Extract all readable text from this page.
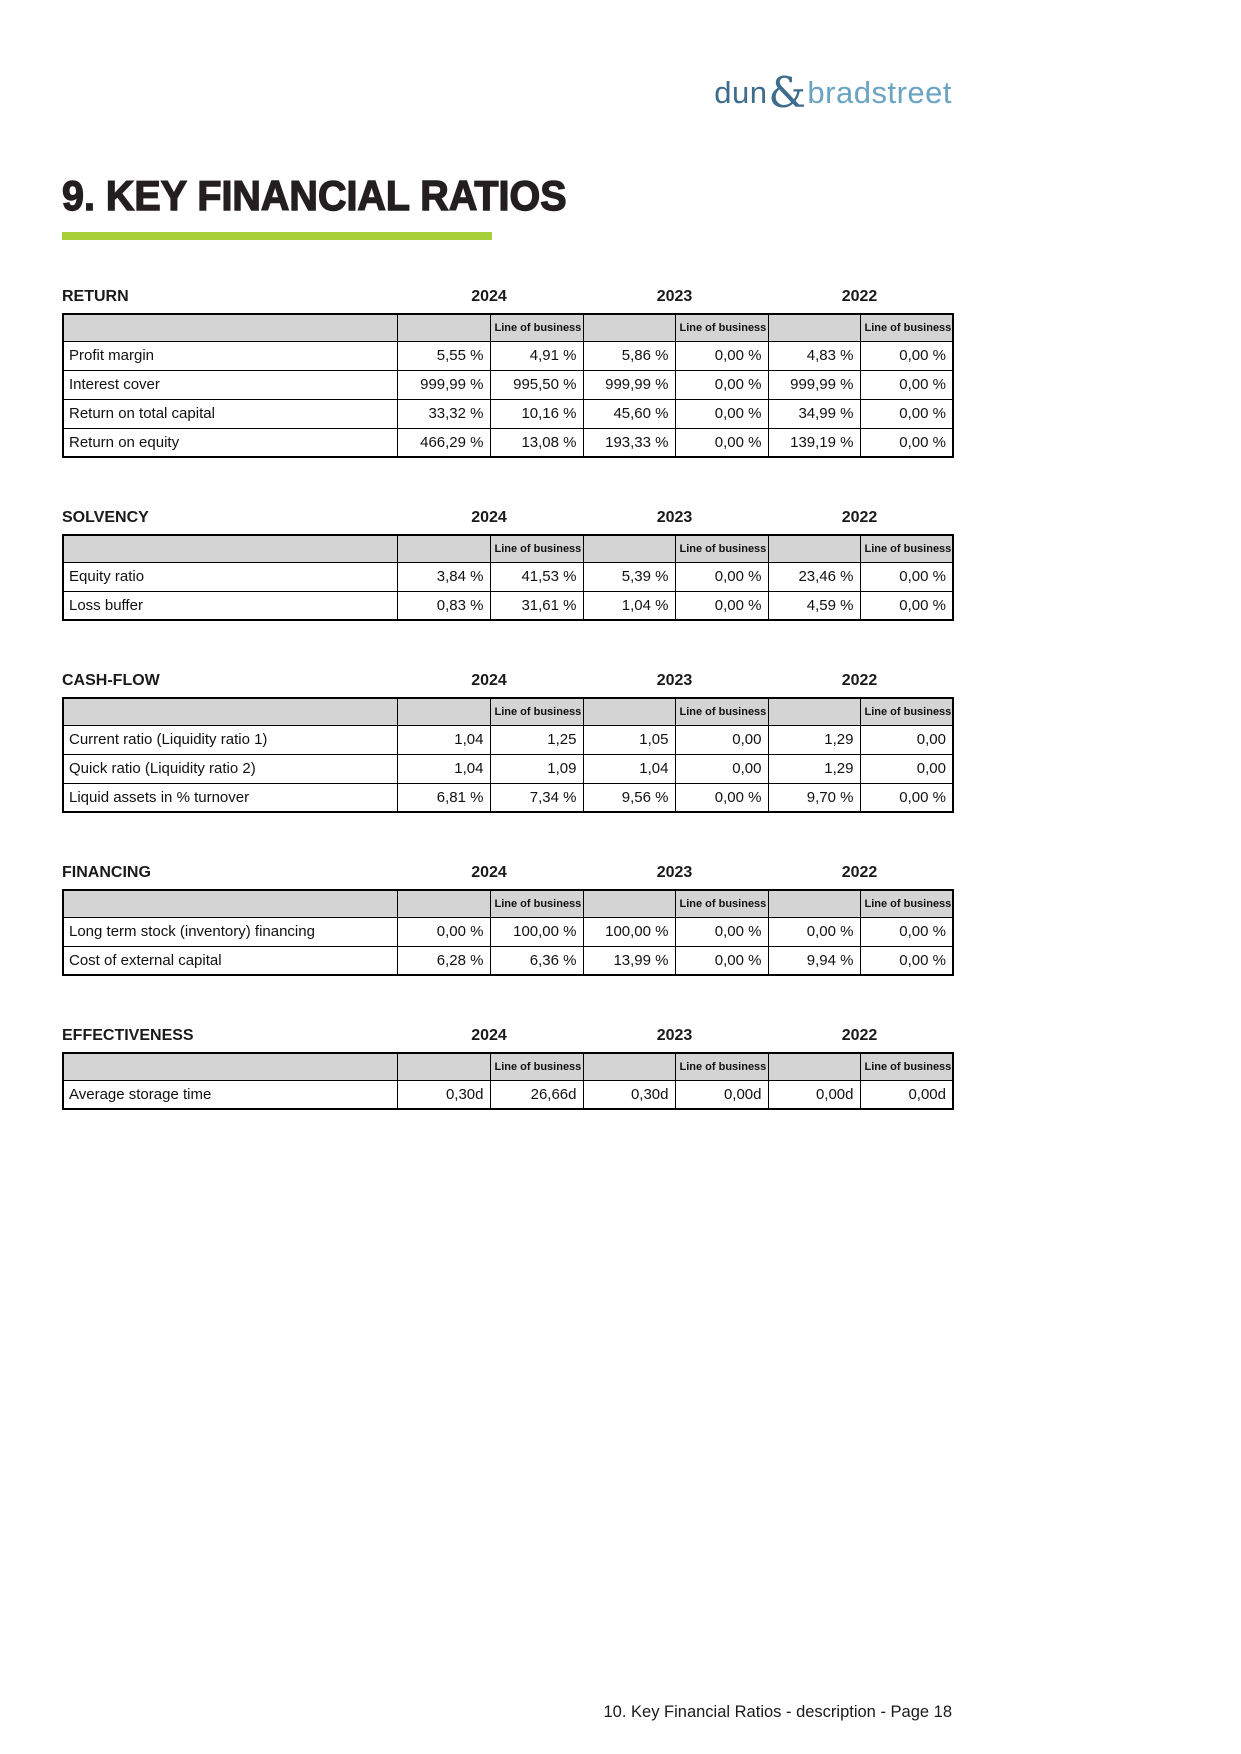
dun&bradstreet
9. KEY FINANCIAL RATIOS
RETURN	2024	2023	2022
		Line of business		Line of business		Line of business
Profit margin	5,55 %	4,91 %	5,86 %	0,00 %	4,83 %	0,00 %
Interest cover	999,99 %	995,50 %	999,99 %	0,00 %	999,99 %	0,00 %
Return on total capital	33,32 %	10,16 %	45,60 %	0,00 %	34,99 %	0,00 %
Return on equity	466,29 %	13,08 %	193,33 %	0,00 %	139,19 %	0,00 %
SOLVENCY	2024	2023	2022
		Line of business		Line of business		Line of business
Equity ratio	3,84 %	41,53 %	5,39 %	0,00 %	23,46 %	0,00 %
Loss buffer	0,83 %	31,61 %	1,04 %	0,00 %	4,59 %	0,00 %
CASH-FLOW	2024	2023	2022
		Line of business		Line of business		Line of business
Current ratio (Liquidity ratio 1)	1,04	1,25	1,05	0,00	1,29	0,00
Quick ratio (Liquidity ratio 2)	1,04	1,09	1,04	0,00	1,29	0,00
Liquid assets in % turnover	6,81 %	7,34 %	9,56 %	0,00 %	9,70 %	0,00 %
FINANCING	2024	2023	2022
		Line of business		Line of business		Line of business
Long term stock (inventory) financing	0,00 %	100,00 %	100,00 %	0,00 %	0,00 %	0,00 %
Cost of external capital	6,28 %	6,36 %	13,99 %	0,00 %	9,94 %	0,00 %
EFFECTIVENESS	2024	2023	2022
		Line of business		Line of business		Line of business
Average storage time	0,30d	26,66d	0,30d	0,00d	0,00d	0,00d
10. Key Financial Ratios - description - Page 18
